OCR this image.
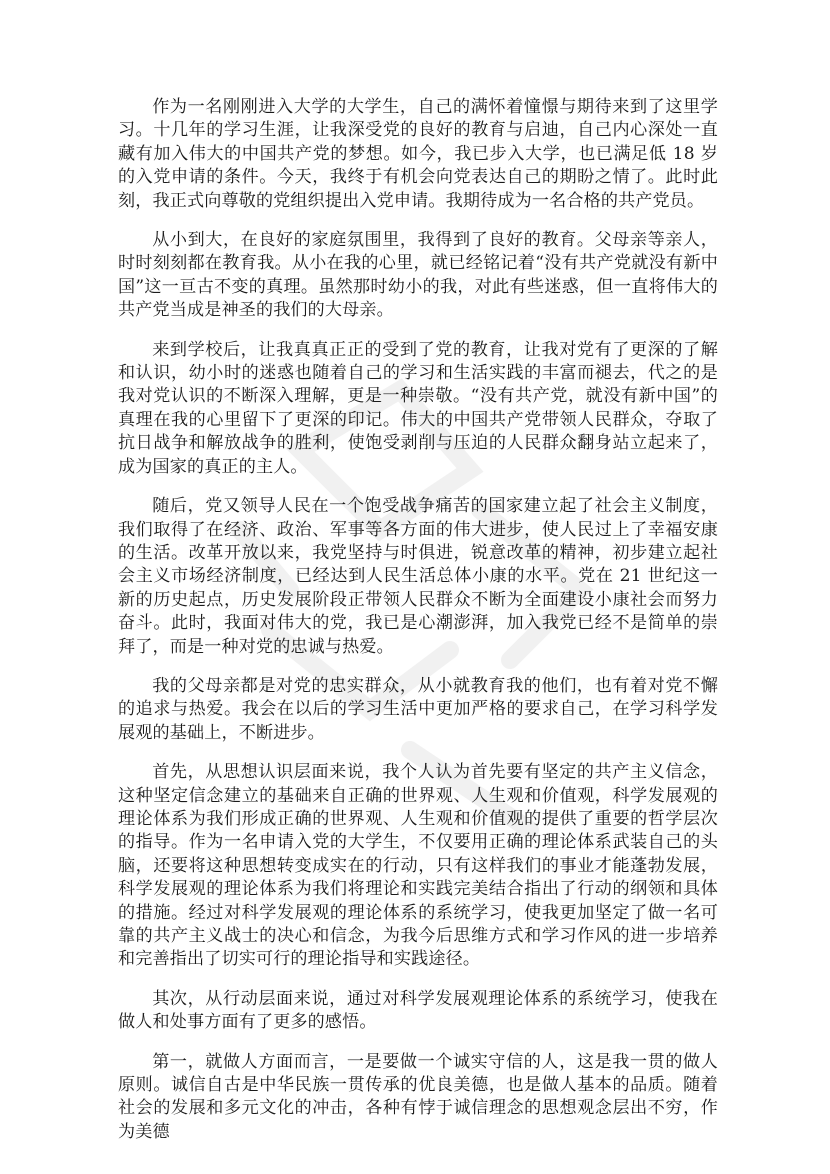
作为一名刚刚进入大学的大学生，自己的满怀着憧憬与期待来到了这里学习。十几年的学习生涯，让我深受党的良好的教育与启迪，自己内心深处一直藏有加入伟大的中国共产党的梦想。如今，我已步入大学，也已满足低 18 岁的入党申请的条件。今天，我终于有机会向党表达自己的期盼之情了。此时此刻，我正式向尊敬的党组织提出入党申请。我期待成为一名合格的共产党员。

从小到大，在良好的家庭氛围里，我得到了良好的教育。父母亲等亲人，时时刻刻都在教育我。从小在我的心里，就已经铭记着“没有共产党就没有新中国”这一亘古不变的真理。虽然那时幼小的我，对此有些迷惑，但一直将伟大的共产党当成是神圣的我们的大母亲。

来到学校后，让我真真正正的受到了党的教育，让我对党有了更深的了解和认识，幼小时的迷惑也随着自己的学习和生活实践的丰富而褪去，代之的是我对党认识的不断深入理解，更是一种崇敬。“没有共产党，就没有新中国”的真理在我的心里留下了更深的印记。伟大的中国共产党带领人民群众，夺取了抗日战争和解放战争的胜利，使饱受剥削与压迫的人民群众翻身站立起来了，成为国家的真正的主人。

随后，党又领导人民在一个饱受战争痛苦的国家建立起了社会主义制度，我们取得了在经济、政治、军事等各方面的伟大进步，使人民过上了幸福安康的生活。改革开放以来，我党坚持与时俱进，锐意改革的精神，初步建立起社会主义市场经济制度，已经达到人民生活总体小康的水平。党在 21 世纪这一新的历史起点，历史发展阶段正带领人民群众不断为全面建设小康社会而努力奋斗。此时，我面对伟大的党，我已是心潮澎湃，加入我党已经不是简单的崇拜了，而是一种对党的忠诚与热爱。

我的父母亲都是对党的忠实群众，从小就教育我的他们，也有着对党不懈的追求与热爱。我会在以后的学习生活中更加严格的要求自己，在学习科学发展观的基础上，不断进步。

首先，从思想认识层面来说，我个人认为首先要有坚定的共产主义信念，这种坚定信念建立的基础来自正确的世界观、人生观和价值观，科学发展观的理论体系为我们形成正确的世界观、人生观和价值观的提供了重要的哲学层次的指导。作为一名申请入党的大学生，不仅要用正确的理论体系武装自己的头脑，还要将这种思想转变成实在的行动，只有这样我们的事业才能蓬勃发展，科学发展观的理论体系为我们将理论和实践完美结合指出了行动的纲领和具体的措施。经过对科学发展观的理论体系的系统学习，使我更加坚定了做一名可靠的共产主义战士的决心和信念，为我今后思维方式和学习作风的进一步培养和完善指出了切实可行的理论指导和实践途径。

其次，从行动层面来说，通过对科学发展观理论体系的系统学习，使我在做人和处事方面有了更多的感悟。

第一，就做人方面而言，一是要做一个诚实守信的人，这是我一贯的做人原则。诚信自古是中华民族一贯传承的优良美德，也是做人基本的品质。随着社会的发展和多元文化的冲击，各种有悖于诚信理念的思想观念层出不穷，作为美德
